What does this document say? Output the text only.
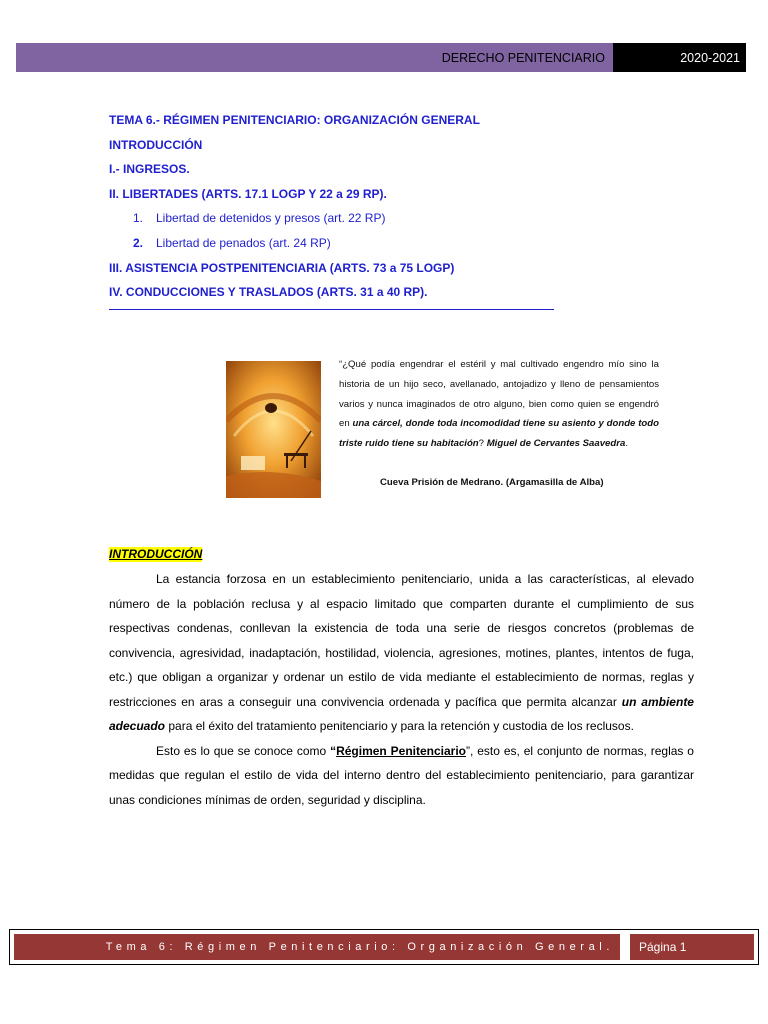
DERECHO PENITENCIARIO	2020-2021
TEMA 6.- RÉGIMEN PENITENCIARIO: ORGANIZACIÓN GENERAL
INTRODUCCIÓN
I.- INGRESOS.
II. LIBERTADES (ARTS. 17.1 LOGP Y 22 a 29 RP).
1. Libertad de detenidos y presos (art. 22 RP)
2. Libertad de penados (art. 24 RP)
III. ASISTENCIA POSTPENITENCIARIA (ARTS. 73 a 75 LOGP)
IV. CONDUCCIONES Y TRASLADOS (ARTS. 31 a 40 RP).
“¿Qué podía engendrar el estéril y mal cultivado engendro mío sino la historia de un hijo seco, avellanado, antojadizo y lleno de pensamientos varios y nunca imaginados de otro alguno, bien como quien se engendró en una cárcel, donde toda incomodidad tiene su asiento y donde todo triste ruido tiene su habitación? Miguel de Cervantes Saavedra.
Cueva Prisión de Medrano. (Argamasilla de Alba)
INTRODUCCIÓN

La estancia forzosa en un establecimiento penitenciario, unida a las características, al elevado número de la población reclusa y al espacio limitado que comparten durante el cumplimiento de sus respectivas condenas, conllevan la existencia de toda una serie de riesgos concretos (problemas de convivencia, agresividad, inadaptación, hostilidad, violencia, agresiones, motines, plantes, intentos de fuga, etc.) que obligan a organizar y ordenar un estilo de vida mediante el establecimiento de normas, reglas y restricciones en aras a conseguir una convivencia ordenada y pacífica que permita alcanzar un ambiente adecuado para el éxito del tratamiento penitenciario y para la retención y custodia de los reclusos.

Esto es lo que se conoce como “Régimen Penitenciario”, esto es, el conjunto de normas, reglas o medidas que regulan el estilo de vida del interno dentro del establecimiento penitenciario, para garantizar unas condiciones mínimas de orden, seguridad y disciplina.

Tema 6: Régimen Penitenciario: Organización General.	Página 1
